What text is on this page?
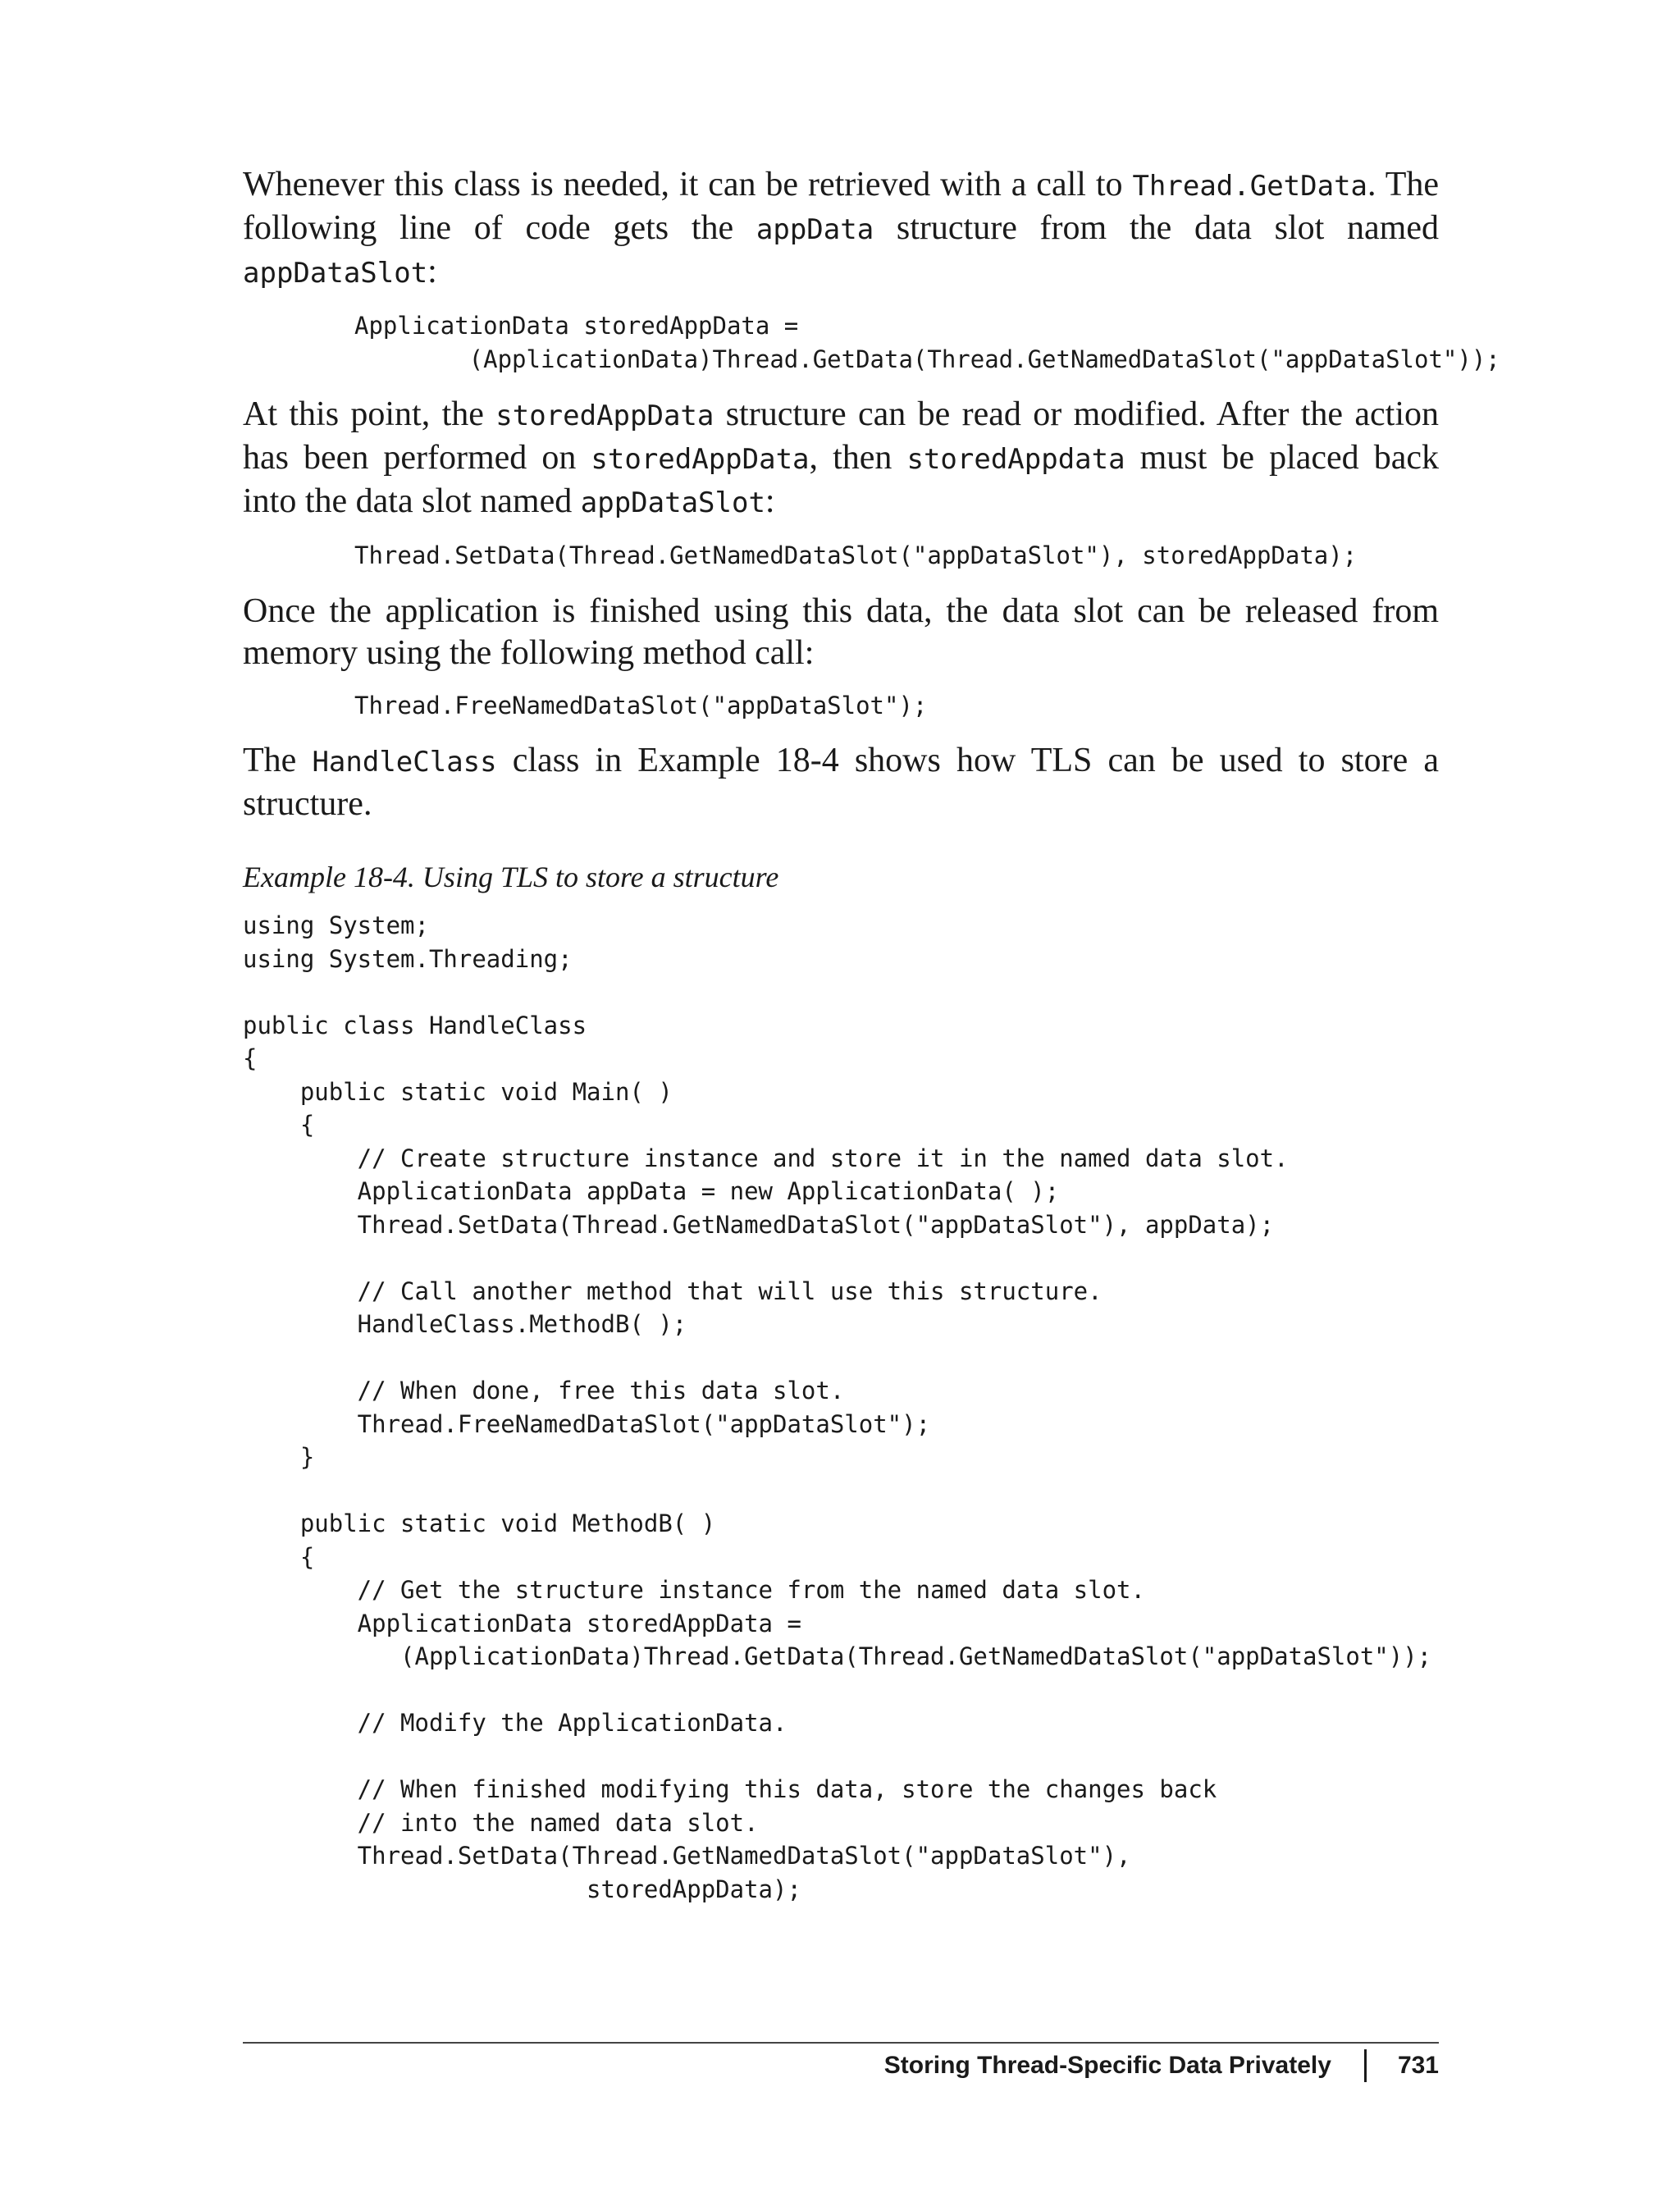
Whenever this class is needed, it can be retrieved with a call to Thread.GetData. The following line of code gets the appData structure from the data slot named appDataSlot:

ApplicationData storedAppData =
(ApplicationData)Thread.GetData(Thread.GetNamedDataSlot("appDataSlot"));

At this point, the storedAppData structure can be read or modified. After the action has been performed on storedAppData, then storedAppdata must be placed back into the data slot named appDataSlot:

Thread.SetData(Thread.GetNamedDataSlot("appDataSlot"), storedAppData);

Once the application is finished using this data, the data slot can be released from memory using the following method call:

Thread.FreeNamedDataSlot("appDataSlot");

The HandleClass class in Example 18-4 shows how TLS can be used to store a structure.

Example 18-4. Using TLS to store a structure
using System;
using System.Threading;

public class HandleClass
{
public static void Main( )
{
// Create structure instance and store it in the named data slot.
ApplicationData appData = new ApplicationData( );
Thread.SetData(Thread.GetNamedDataSlot("appDataSlot"), appData);

// Call another method that will use this structure.
HandleClass.MethodB( );

// When done, free this data slot.
Thread.FreeNamedDataSlot("appDataSlot");
}

public static void MethodB( )
{
// Get the structure instance from the named data slot.
ApplicationData storedAppData =
(ApplicationData)Thread.GetData(Thread.GetNamedDataSlot("appDataSlot"));

// Modify the ApplicationData.

// When finished modifying this data, store the changes back
// into the named data slot.
Thread.SetData(Thread.GetNamedDataSlot("appDataSlot"),
storedAppData);
Storing Thread-Specific Data Privately	731
